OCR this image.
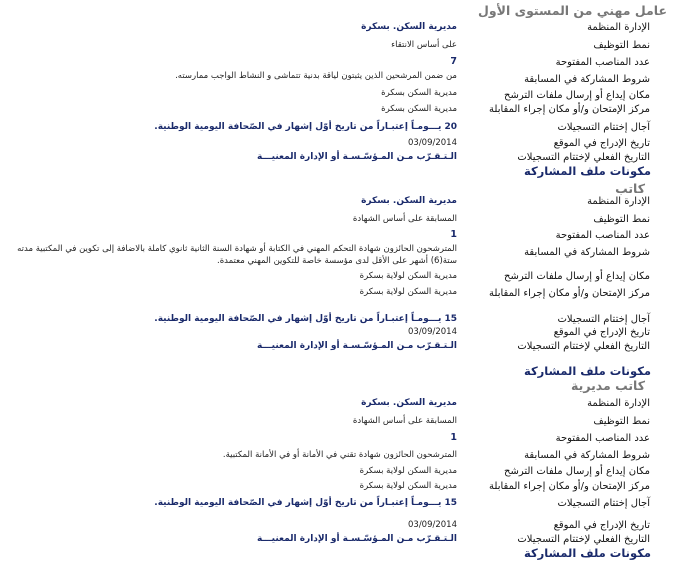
عامل مهني من المستوى الأول
الإدارة المنظمة
مديرية السكن. بسكرة
نمط التوظيف
على أساس الانتقاء
عدد المناصب المفتوحة
7
شروط المشاركة في المسابقة
من ضمن المرشحين الذين يثبتون لياقة بدنية تتماشى و النشاط الواجب ممارسته.
مكان إيداع أو إرسال ملفات الترشح
مديرية السكن بسكرة
مركز الإمتحان و/أو مكان إجراء المقابلة
مديرية السكن بسكرة
آجال إختتام التسجيلات
20 يـــومـاً إعتبـاراً من تاريخ أوّل إشهار في الصّحافة اليومية الوطنية.
تاريخ الإدراج في الموقع
03/09/2014
التاريخ الفعلي لإختتام التسجيلات
الـتـقـرّب مـن المـؤسّـسـة أو الإدارة المعنيـــة
مكونات ملف المشاركة
كاتب
الإدارة المنظمة
مديرية السكن. بسكرة
نمط التوظيف
المسابقة على أساس الشهادة
عدد المناصب المفتوحة
1
شروط المشاركة في المسابقة
المترشحون الحائزون شهادة التحكم المهني في الكتابة أو شهادة السنة الثانية ثانوي كاملة بالاضافة إلى تكوين في المكتبية مدته ستة(6) أشهر على الأقل لدى مؤسسة خاصة للتكوين المهني معتمدة.
مكان إيداع أو إرسال ملفات الترشح
مديرية السكن لولاية بسكرة
مركز الإمتحان و/أو مكان إجراء المقابلة
مديرية السكن لولاية بسكرة
آجال إختتام التسجيلات
15 يـــومـاً إعتبـاراً من تاريخ أوّل إشهار في الصّحافة اليومية الوطنية.
تاريخ الإدراج في الموقع
03/09/2014
التاريخ الفعلي لإختتام التسجيلات
الـتـقـرّب مـن المـؤسّـسـة أو الإدارة المعنيـــة
مكونات ملف المشاركة
كاتب مديرية
الإدارة المنظمة
مديرية السكن. بسكرة
نمط التوظيف
المسابقة على أساس الشهادة
عدد المناصب المفتوحة
1
شروط المشاركة في المسابقة
المترشحون الحائزون شهادة تقني في الأمانة أو في الأمانة المكتبية.
مكان إيداع أو إرسال ملفات الترشح
مديرية السكن لولاية بسكرة
مركز الإمتحان و/أو مكان إجراء المقابلة
مديرية السكن لولاية بسكرة
آجال إختتام التسجيلات
15 يـــومـاً إعتبـاراً من تاريخ أوّل إشهار في الصّحافة اليومية الوطنية.
تاريخ الإدراج في الموقع
03/09/2014
التاريخ الفعلي لإختتام التسجيلات
الـتـقـرّب مـن المـؤسّـسـة أو الإدارة المعنيـــة
مكونات ملف المشاركة
